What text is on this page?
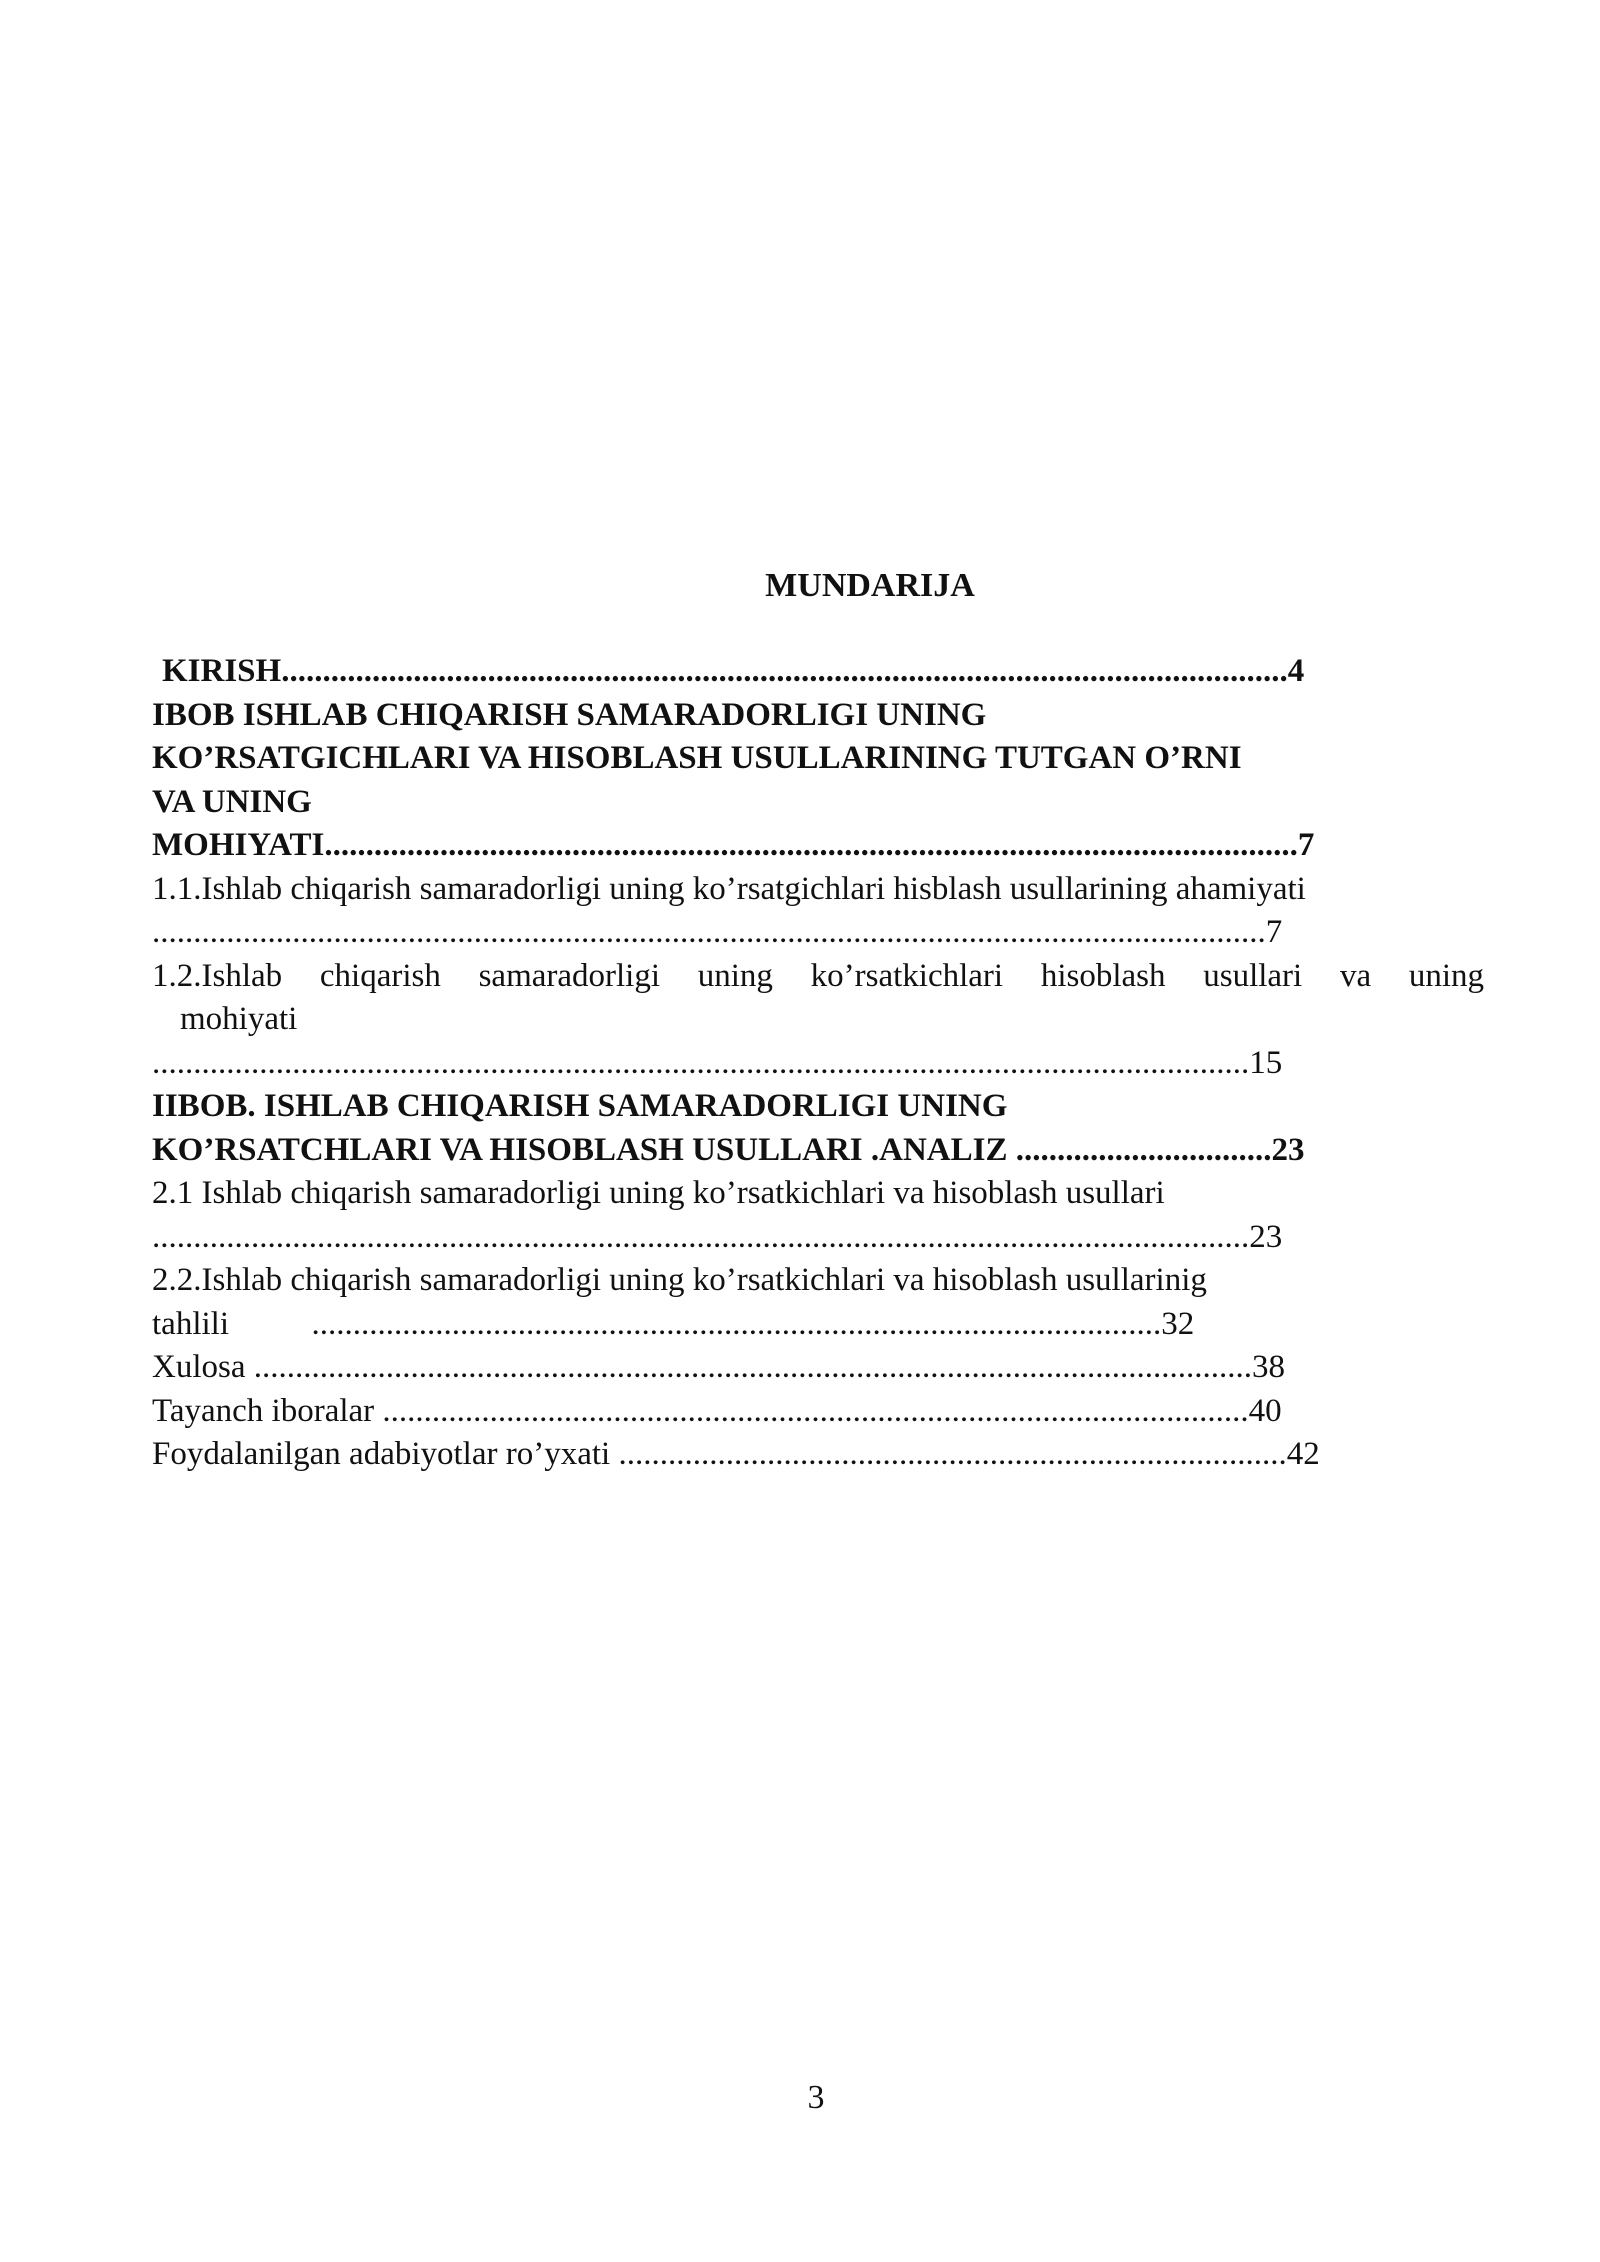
MUNDARIJA
KIRISH..........................................................................................................................4
IBOB ISHLAB CHIQARISH SAMARADORLIGI UNING
KO’RSATGICHLARI VA HISOBLASH USULLARINING TUTGAN O’RNI
VA UNING
MOHIYATI......................................................................................................................7
1.1.Ishlab chiqarish samaradorligi uning ko’rsatgichlari hisblash usullarining ahamiyati
.......................................................................................................................................7
1.2.Ishlab chiqarish samaradorligi uning ko’rsatkichlari hisoblash usullari va uning
mohiyati
.....................................................................................................................................15
IIBOB. ISHLAB CHIQARISH SAMARADORLIGI UNING
KO’RSATCHLARI VA HISOBLASH USULLARI .ANALIZ ...............................23
2.1 Ishlab chiqarish samaradorligi uning ko’rsatkichlari va hisoblash usullari
.....................................................................................................................................23
2.2.Ishlab chiqarish samaradorligi uning ko’rsatkichlari va hisoblash usullarinig
tahlili          .......................................................................................................32
Xulosa .........................................................................................................................38
Tayanch iboralar .........................................................................................................40
Foydalanilgan adabiyotlar ro’yxati .................................................................................42
3
